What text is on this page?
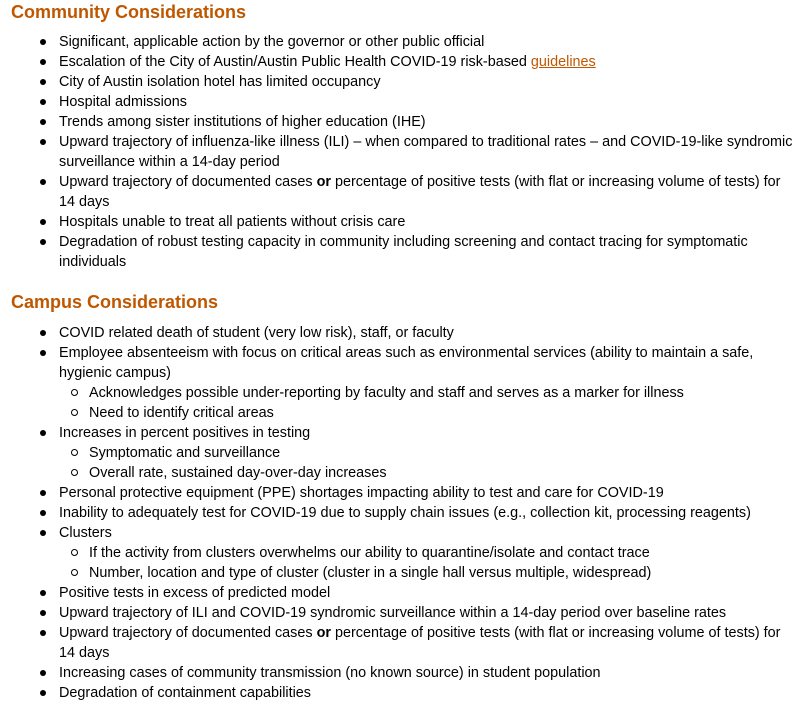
Community Considerations
Significant, applicable action by the governor or other public official
Escalation of the City of Austin/Austin Public Health COVID-19 risk-based guidelines
City of Austin isolation hotel has limited occupancy
Hospital admissions
Trends among sister institutions of higher education (IHE)
Upward trajectory of influenza-like illness (ILI) – when compared to traditional rates – and COVID-19-like syndromic surveillance within a 14-day period
Upward trajectory of documented cases or percentage of positive tests (with flat or increasing volume of tests) for 14 days
Hospitals unable to treat all patients without crisis care
Degradation of robust testing capacity in community including screening and contact tracing for symptomatic individuals
Campus Considerations
COVID related death of student (very low risk), staff, or faculty
Employee absenteeism with focus on critical areas such as environmental services (ability to maintain a safe, hygienic campus)
Acknowledges possible under-reporting by faculty and staff and serves as a marker for illness
Need to identify critical areas
Increases in percent positives in testing
Symptomatic and surveillance
Overall rate, sustained day-over-day increases
Personal protective equipment (PPE) shortages impacting ability to test and care for COVID-19
Inability to adequately test for COVID-19 due to supply chain issues (e.g., collection kit, processing reagents)
Clusters
If the activity from clusters overwhelms our ability to quarantine/isolate and contact trace
Number, location and type of cluster (cluster in a single hall versus multiple, widespread)
Positive tests in excess of predicted model
Upward trajectory of ILI and COVID-19 syndromic surveillance within a 14-day period over baseline rates
Upward trajectory of documented cases or percentage of positive tests (with flat or increasing volume of tests) for 14 days
Increasing cases of community transmission (no known source) in student population
Degradation of containment capabilities
